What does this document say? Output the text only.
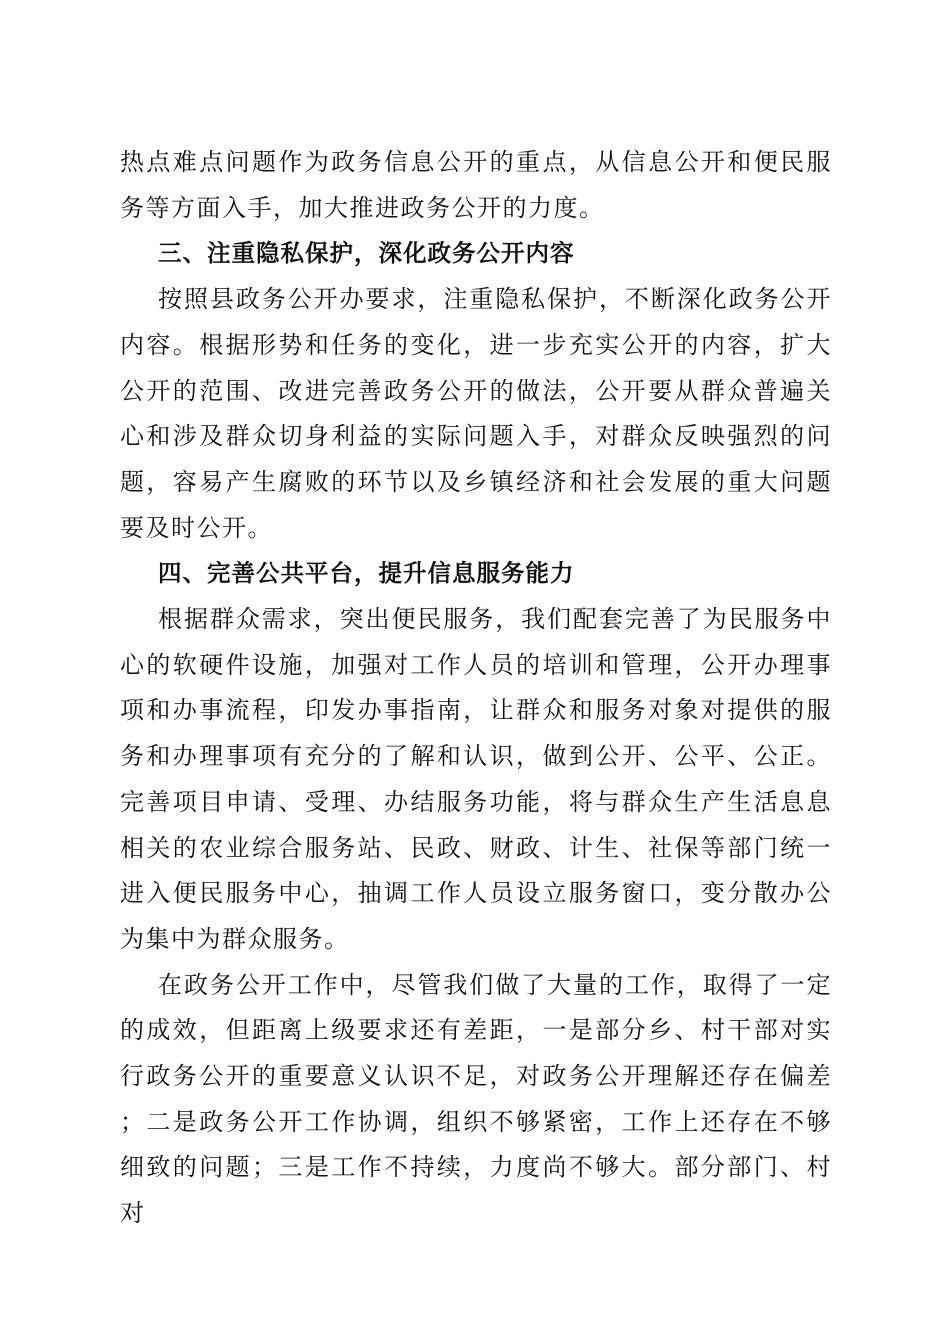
热点难点问题作为政务信息公开的重点，从信息公开和便民服务等方面入手，加大推进政务公开的力度。

三、注重隐私保护，深化政务公开内容

按照县政务公开办要求，注重隐私保护，不断深化政务公开内容。根据形势和任务的变化，进一步充实公开的内容，扩大公开的范围、改进完善政务公开的做法，公开要从群众普遍关心和涉及群众切身利益的实际问题入手，对群众反映强烈的问题，容易产生腐败的环节以及乡镇经济和社会发展的重大问题要及时公开。

四、完善公共平台，提升信息服务能力

根据群众需求，突出便民服务，我们配套完善了为民服务中心的软硬件设施，加强对工作人员的培训和管理，公开办理事项和办事流程，印发办事指南，让群众和服务对象对提供的服务和办理事项有充分的了解和认识，做到公开、公平、公正。完善项目申请、受理、办结服务功能，将与群众生产生活息息相关的农业综合服务站、民政、财政、计生、社保等部门统一进入便民服务中心，抽调工作人员设立服务窗口，变分散办公为集中为群众服务。

在政务公开工作中，尽管我们做了大量的工作，取得了一定的成效，但距离上级要求还有差距，一是部分乡、村干部对实行政务公开的重要意义认识不足，对政务公开理解还存在偏差；二是政务公开工作协调，组织不够紧密，工作上还存在不够细致的问题；三是工作不持续，力度尚不够大。部分部门、村对
